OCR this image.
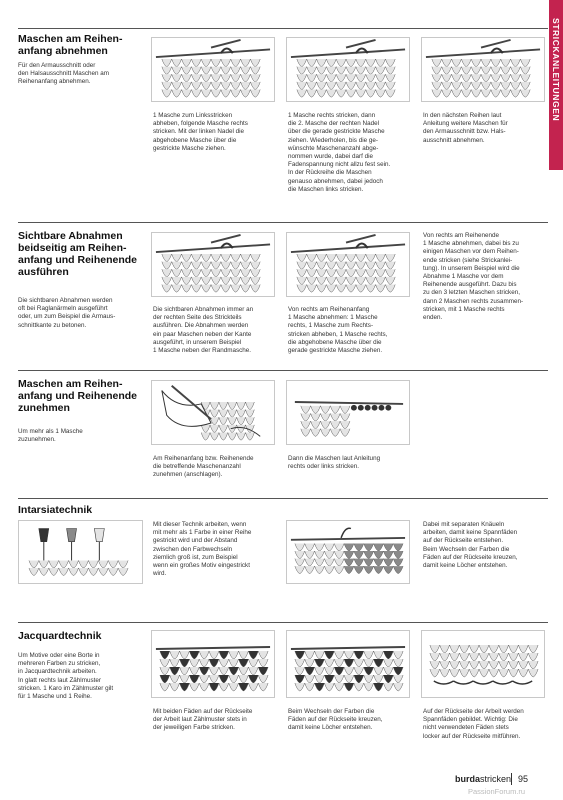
STRICKANLEITUNGEN
Maschen am Reihen-
anfang abnehmen
Für den Armausschnitt oder
den Halsausschnitt Maschen am
Reihenanfang abnehmen.
1 Masche zum Linksstricken
abheben, folgende Masche rechts
stricken. Mit der linken Nadel die
abgehobene Masche über die
gestrickte Masche ziehen.
1 Masche rechts stricken, dann
die 2. Masche der rechten Nadel
über die gerade gestrickte Masche
ziehen. Wiederholen, bis die ge-
wünschte Maschenanzahl abge-
nommen wurde, dabei darf die
Fadenspannung nicht allzu fest sein.
In der Rückreihe die Maschen
genauso abnehmen, dabei jedoch
die Maschen links stricken.
In den nächsten Reihen laut
Anleitung weitere Maschen für
den Armausschnitt bzw. Hals-
ausschnitt abnehmen.
Sichtbare Abnahmen
beidseitig am Reihen-
anfang und Reihenende
ausführen
Die sichtbaren Abnahmen werden
oft bei Raglanärmeln ausgeführt
oder, um zum Beispiel die Armaus-
schnittkante zu betonen.
Die sichtbaren Abnahmen immer an
der rechten Seite des Strickteils
ausführen. Die Abnahmen werden
ein paar Maschen neben der Kante
ausgeführt, in unserem Beispiel
1 Masche neben der Randmasche.
Von rechts am Reihenanfang
1 Masche abnehmen: 1 Masche
rechts, 1 Masche zum Rechts-
stricken abheben, 1 Masche rechts,
die abgehobene Masche über die
gerade gestrickte Masche ziehen.
Von rechts am Reihenende
1 Masche abnehmen, dabei bis zu
einigen Maschen vor dem Reihen-
ende stricken (siehe Strickanlei-
tung). In unserem Beispiel wird die
Abnahme 1 Masche vor dem
Reihenende ausgeführt. Dazu bis
zu den 3 letzten Maschen stricken,
dann 2 Maschen rechts zusammen-
stricken, mit 1 Masche rechts
enden.
Maschen am Reihen-
anfang und Reihenende
zunehmen
Um mehr als 1 Masche
zuzunehmen.
Am Reihenanfang bzw. Reihenende
die betreffende Maschenanzahl
zunehmen (anschlagen).
Dann die Maschen laut Anleitung
rechts oder links stricken.
Intarsiatechnik
Mit dieser Technik arbeiten, wenn
mit mehr als 1 Farbe in einer Reihe
gestrickt wird und der Abstand
zwischen den Farbwechseln
ziemlich groß ist, zum Beispiel
wenn ein großes Motiv eingestrickt
wird.
Dabei mit separaten Knäueln
arbeiten, damit keine Spannfäden
auf der Rückseite entstehen.
Beim Wechseln der Farben die
Fäden auf der Rückseite kreuzen,
damit keine Löcher entstehen.
Jacquardtechnik
Um Motive oder eine Borte in
mehreren Farben zu stricken,
in Jacquardtechnik arbeiten.
In glatt rechts laut Zählmuster
stricken. 1 Karo im Zählmuster gilt
für 1 Masche und 1 Reihe.
Mit beiden Fäden auf der Rückseite
der Arbeit laut Zählmuster stets in
der jeweiligen Farbe stricken.
Beim Wechseln der Farben die
Fäden auf der Rückseite kreuzen,
damit keine Löcher entstehen.
Auf der Rückseite der Arbeit werden
Spannfäden gebildet. Wichtig: Die
nicht verwendeten Fäden stets
locker auf der Rückseite mitführen.
burdastricken 95
PassionForum.ru
